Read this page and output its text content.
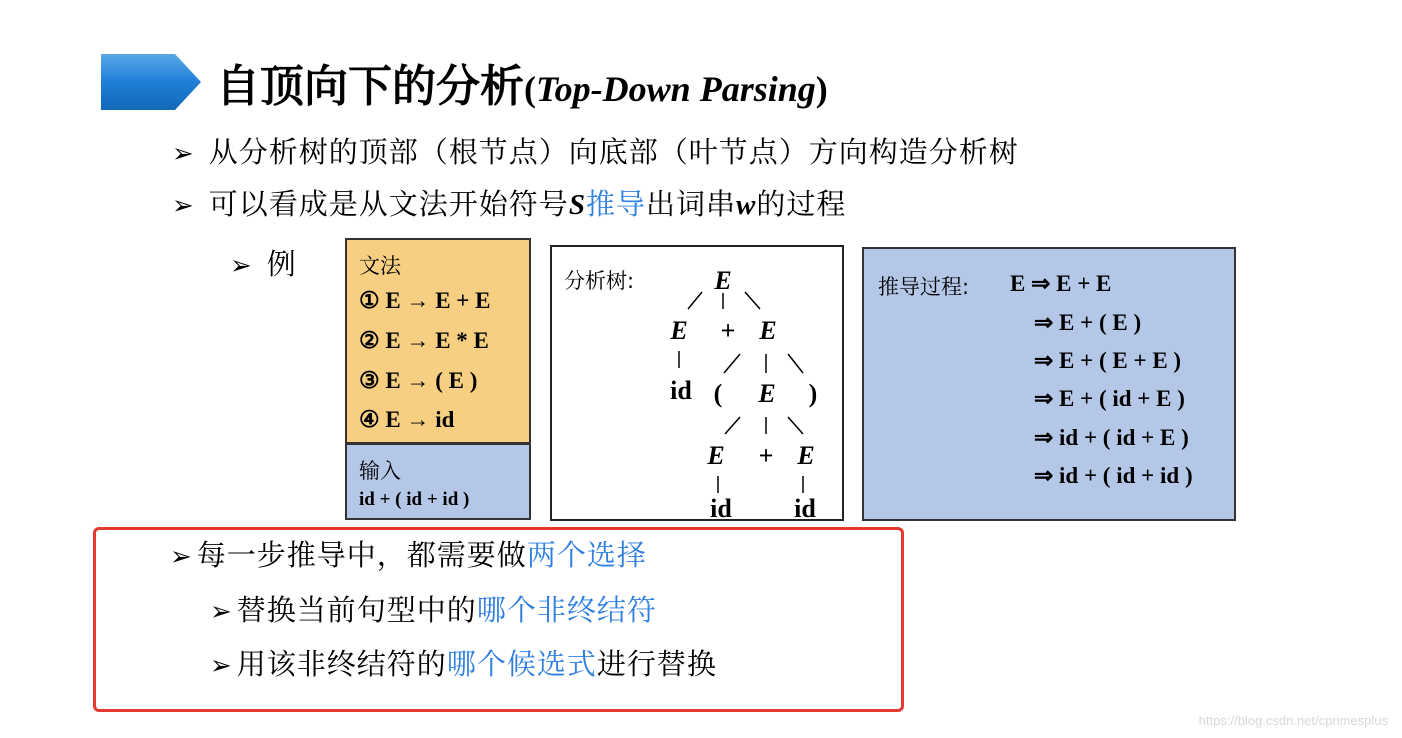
自顶向下的分析(Top-Down Parsing)
➢ 从分析树的顶部（根节点）向底部（叶节点）方向构造分析树
➢ 可以看成是从文法开始符号S推导出词串w的过程
➢ 例	文法
① E → E + E
② E → E * E
③ E → ( E )
④ E → id
输入
id + ( id + id )
分析树:	E
E + E
id ( E )
E + E
id id
推导过程: E ⇒ E + E
⇒ E + ( E )
⇒ E + ( E + E )
⇒ E + ( id + E )
⇒ id + ( id + E )
⇒ id + ( id + id )
➢ 每一步推导中，都需要做两个选择
➢ 替换当前句型中的哪个非终结符
➢ 用该非终结符的哪个候选式进行替换
https://blog.csdn.net/cprimesplus
